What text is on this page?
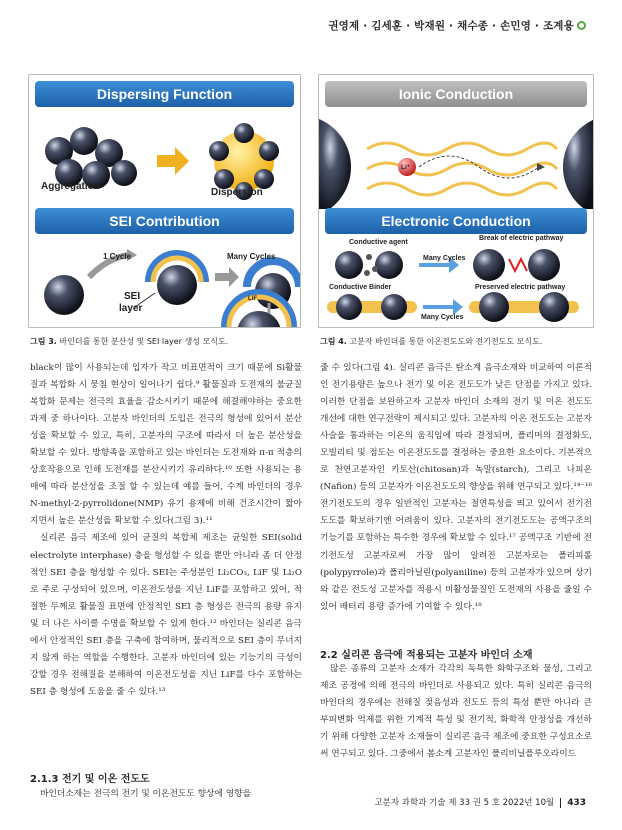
권영제 · 김세훈 · 박재원 · 채수종 · 손민영 · 조계용
Dispersing Function
Aggregation
Dispersion
SEI Contribution
1 Cycle	Many Cycles
SEI
layer
LiF
그림 3. 바인더를 통한 분산성 및 SEI layer 생성 모식도.
Ionic Conduction
Li⁺
Electronic Conduction
Conductive agent
Break of electric pathway
Many Cycles
Conductive Binder	Preserved electric pathway
Many Cycles
그림 4. 고분자 바인더를 통한 이온전도도와 전기전도도 모식도.

black이 많이 사용되는데 입자가 작고 비표면적이 크기 때문에 Si활물질과 복합화 시 뭉침 현상이 일어나기 쉽다.⁹ 활물질과 도전재의 불균질 복합화 문제는 전극의 효율을 감소시키기 때문에 해결해야하는 중요한 과제 중 하나이다. 고분자 바인더의 도입은 전극의 형성에 있어서 분산성을 확보할 수 있고, 특히, 고분자의 구조에 따라서 더 높은 분산성을 확보할 수 있다. 방향족을 포함하고 있는 바인더는 도전재와 π-π 적층의 상호작용으로 인해 도전재를 분산시키기 유리하다.¹⁰ 또한 사용되는 용매에 따라 분산성을 조절 할 수 있는데 예를 들어, 수계 바인더의 경우 N-methyl-2-pyrrolidone(NMP) 유기 용제에 비해 건조시간이 짧아지면서 높은 분산성을 확보할 수 있다(그림 3).¹¹

실리콘 음극 제조에 있어 균질의 복합체 제조는 균일한 SEI(solid electrolyte interphase) 층을 형성할 수 있을 뿐만 아니라 좀 더 안정적인 SEI 층을 형성할 수 있다. SEI는 주성분인 Li₂CO₃, LiF 및 Li₂O로 주로 구성되어 있으며, 이온전도성을 지닌 LiF를 포함하고 있어, 적절한 두께로 활물질 표면에 안정적인 SEI 층 형성은 전극의 용량 유지 및 더 나은 사이클 수명을 확보할 수 있게 한다.¹² 바인더는 실리콘 음극에서 안정적인 SEI 층을 구축에 참여하며, 물리적으로 SEI 층이 무너지지 않게 하는 역할을 수행한다. 고분자 바인더에 있는 기능기의 극성이 강할 경우 전해질을 분해하여 이온전도성을 지닌 LiF를 다수 포함하는 SEI 층 형성에 도움을 줄 수 있다.¹³

2.1.3 전기 및 이온 전도도

바인더소재는 전극의 전기 및 이온전도도 향상에 영향을

줄 수 있다(그림 4). 실리콘 음극은 탄소계 음극소재와 비교하여 이론적인 전기용량은 높으나 전기 및 이온 전도도가 낮은 단점을 가지고 있다. 이러한 단점을 보완하고자 고분자 바인더 소재의 전기 및 이온 전도도 개선에 대한 연구전략이 제시되고 있다. 고분자의 이온 전도도는 고분자 사슬을 통과하는 이온의 움직임에 따라 결정되며, 폴리머의 결정화도, 모빌리티 및 점도는 이온전도도를 결정하는 중요한 요소이다. 기본적으로 천연고분자인 키토산(chitosan)과 녹말(starch), 그리고 나피온(Nafion) 등의 고분자가 이온전도도의 향상을 위해 연구되고 있다.¹⁴⁻¹⁶ 전기전도도의 경우 일반적인 고분자는 절연특성을 띄고 있어서 전기전도도를 확보하기엔 어려움이 있다. 고분자의 전기전도도는 공액구조의 기능기를 포함하는 특수한 경우에 확보할 수 있다.¹⁷ 공액구조 기반에 전기전도성 고분자로써 가장 많이 알려진 고분자로는 폴리피롤(polypyrrole)과 폴리아닐린(polyaniline) 등의 고분자가 있으며 상기와 같은 전도성 고분자를 적용시 비활성물질인 도전재의 사용을 줄일 수 있어 배터리 용량 증가에 기여할 수 있다.¹⁸

2.2 실리콘 음극에 적용되는 고분자 바인더 소재

많은 종류의 고분자 소재가 각각의 독특한 화학구조와 물성, 그리고 제조 공정에 의해 전극의 바인더로 사용되고 있다. 특히 실리콘 음극의 바인더의 경우에는 전해질 젖음성과 전도도 등의 특성 뿐만 아니라 큰 부피변화 억제를 위한 기계적 특성 및 전기적, 화학적 안정성을 개선하기 위해 다양한 고분자 소재들이 실리콘 음극 제조에 중요한 구성요소로써 연구되고 있다. 그중에서 봄소계 고분자인 폴리비닐플루오라이드

고분자 과학과 기술 제 33 권 5 호 2022년 10월 433
